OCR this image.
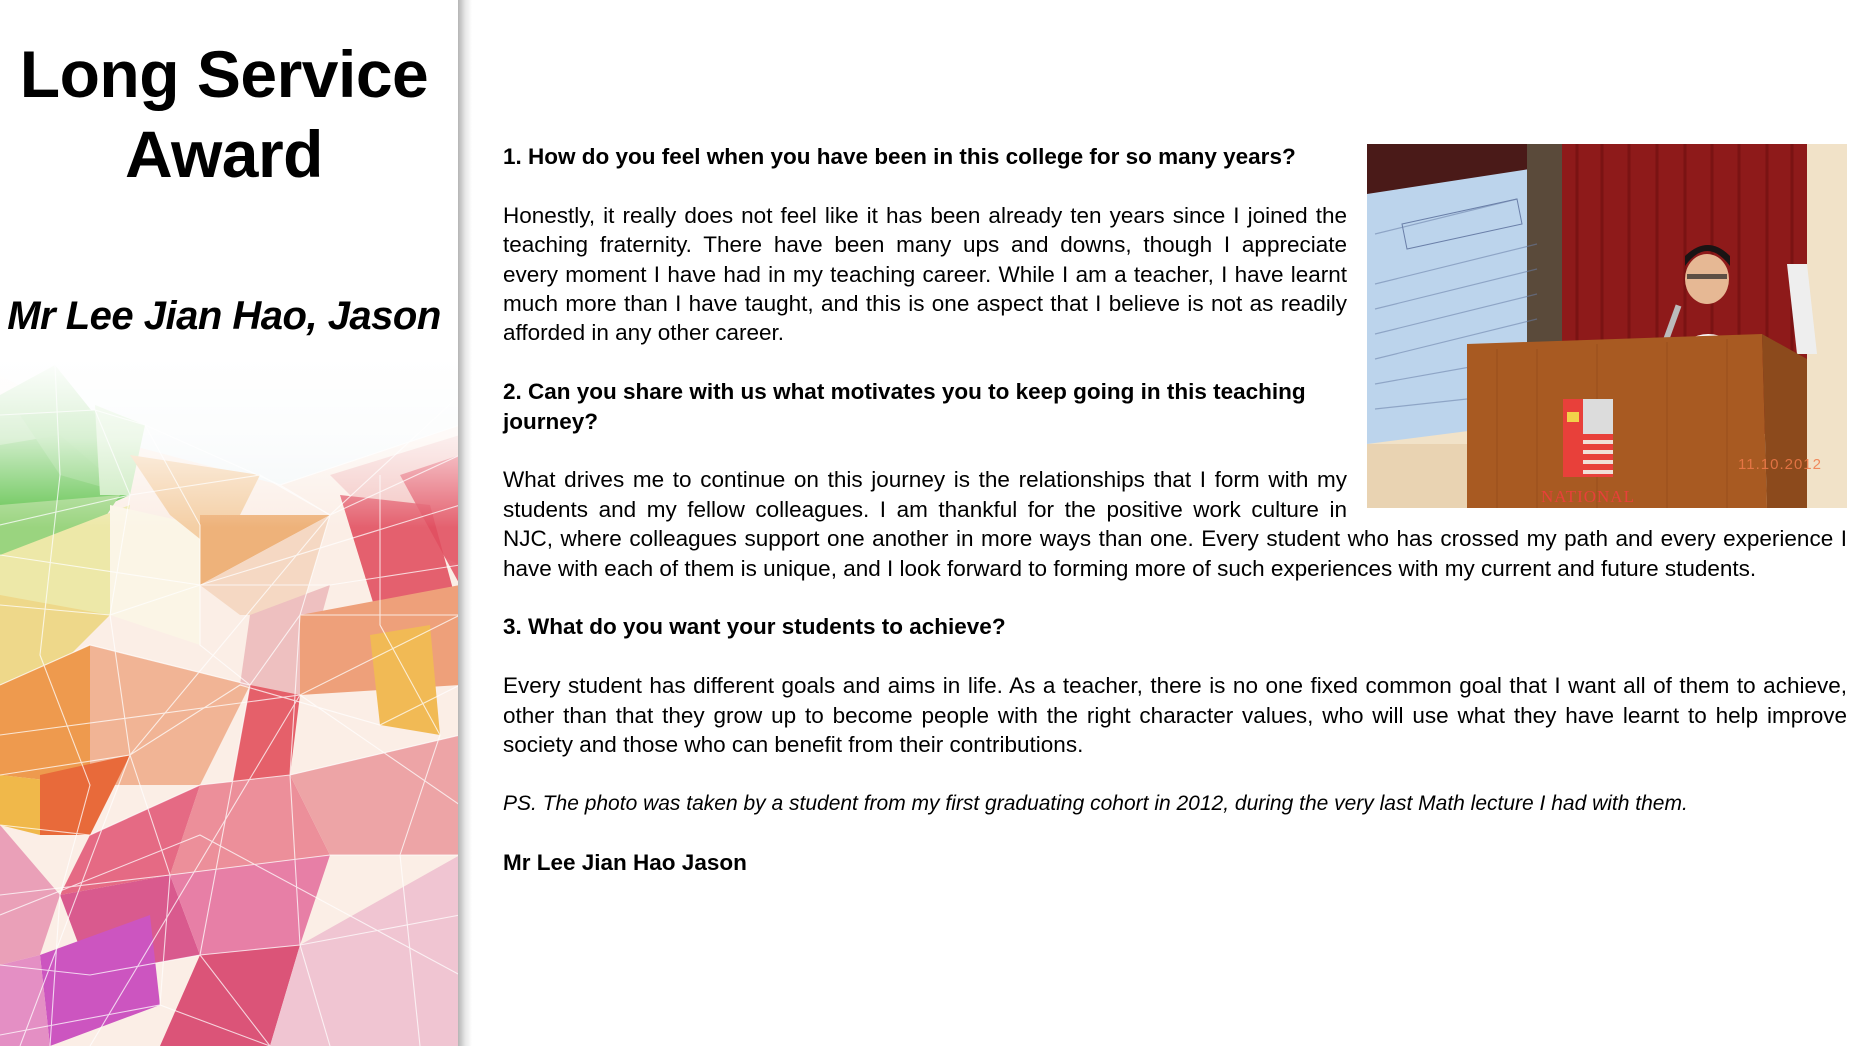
Long Service
Award
Mr Lee Jian Hao, Jason
NATIONAL
11.10.2012

1. How do you feel when you have been in this college for so many years?

Honestly, it really does not feel like it has been already ten years since I joined the teaching fraternity. There have been many ups and downs, though I appreciate every moment I have had in my teaching career. While I am a teacher, I have learnt much more than I have taught, and this is one aspect that I believe is not as readily afforded in any other career.

2. Can you share with us what motivates you to keep going in this teaching journey?

What drives me to continue on this journey is the relationships that I form with my students and my fellow colleagues. I am thankful for the positive work culture in NJC, where colleagues support one another in more ways than one. Every student who has crossed my path and every experience I have with each of them is unique, and I look forward to forming more of such experiences with my current and future students.

3. What do you want your students to achieve?

Every student has different goals and aims in life. As a teacher, there is no one fixed common goal that I want all of them to achieve, other than that they grow up to become people with the right character values, who will use what they have learnt to help improve society and those who can benefit from their contributions.

PS. The photo was taken by a student from my first graduating cohort in 2012, during the very last Math lecture I had with them.

Mr Lee Jian Hao Jason
